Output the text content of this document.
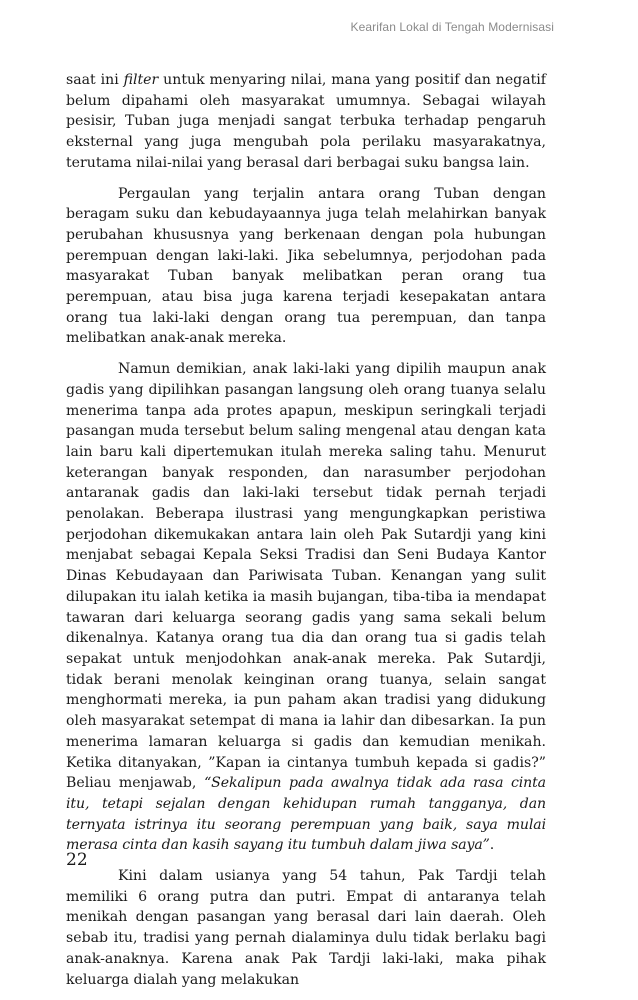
Kearifan Lokal di Tengah Modernisasi

saat ini filter untuk menyaring nilai, mana yang positif dan negatif belum dipahami oleh masyarakat umumnya. Sebagai wilayah pesisir, Tuban juga menjadi sangat terbuka terhadap pengaruh eksternal yang juga mengubah pola perilaku masyarakatnya, terutama nilai-nilai yang berasal dari berbagai suku bangsa lain.

Pergaulan yang terjalin antara orang Tuban dengan beragam suku dan kebudayaannya juga telah melahirkan banyak perubahan khususnya yang berkenaan dengan pola hubungan perempuan dengan laki-laki. Jika sebelumnya, perjodohan pada masyarakat Tuban banyak melibatkan peran orang tua perempuan, atau bisa juga karena terjadi kesepakatan antara orang tua laki-laki dengan orang tua perempuan, dan tanpa melibatkan anak-anak mereka.

Namun demikian, anak laki-laki yang dipilih maupun anak gadis yang dipilihkan pasangan langsung oleh orang tuanya selalu menerima tanpa ada protes apapun, meskipun seringkali terjadi pasangan muda tersebut belum saling mengenal atau dengan kata lain baru kali dipertemukan itulah mereka saling tahu. Menurut keterangan banyak responden, dan narasumber perjodohan antaranak gadis dan laki-laki tersebut tidak pernah terjadi penolakan. Beberapa ilustrasi yang mengungkapkan peristiwa perjodohan dikemukakan antara lain oleh Pak Sutardji yang kini menjabat sebagai Kepala Seksi Tradisi dan Seni Budaya Kantor Dinas Kebudayaan dan Pariwisata Tuban. Kenangan yang sulit dilupakan itu ialah ketika ia masih bujangan, tiba-tiba ia mendapat tawaran dari keluarga seorang gadis yang sama sekali belum dikenalnya. Katanya orang tua dia dan orang tua si gadis telah sepakat untuk menjodohkan anak-anak mereka. Pak Sutardji, tidak berani menolak keinginan orang tuanya, selain sangat menghormati mereka, ia pun paham akan tradisi yang didukung oleh masyarakat setempat di mana ia lahir dan dibesarkan. Ia pun menerima lamaran keluarga si gadis dan kemudian menikah. Ketika ditanyakan, ”Kapan ia cintanya tumbuh kepada si gadis?” Beliau menjawab, “Sekalipun pada awalnya tidak ada rasa cinta itu, tetapi sejalan dengan kehidupan rumah tangganya, dan ternyata istrinya itu seorang perempuan yang baik, saya mulai merasa cinta dan kasih sayang itu tumbuh dalam jiwa saya”.

Kini dalam usianya yang 54 tahun, Pak Tardji telah memiliki 6 orang putra dan putri. Empat di antaranya telah menikah dengan pasangan yang berasal dari lain daerah. Oleh sebab itu, tradisi yang pernah dialaminya dulu tidak berlaku bagi anak-anaknya. Karena anak Pak Tardji laki-laki, maka pihak keluarga dialah yang melakukan

22
